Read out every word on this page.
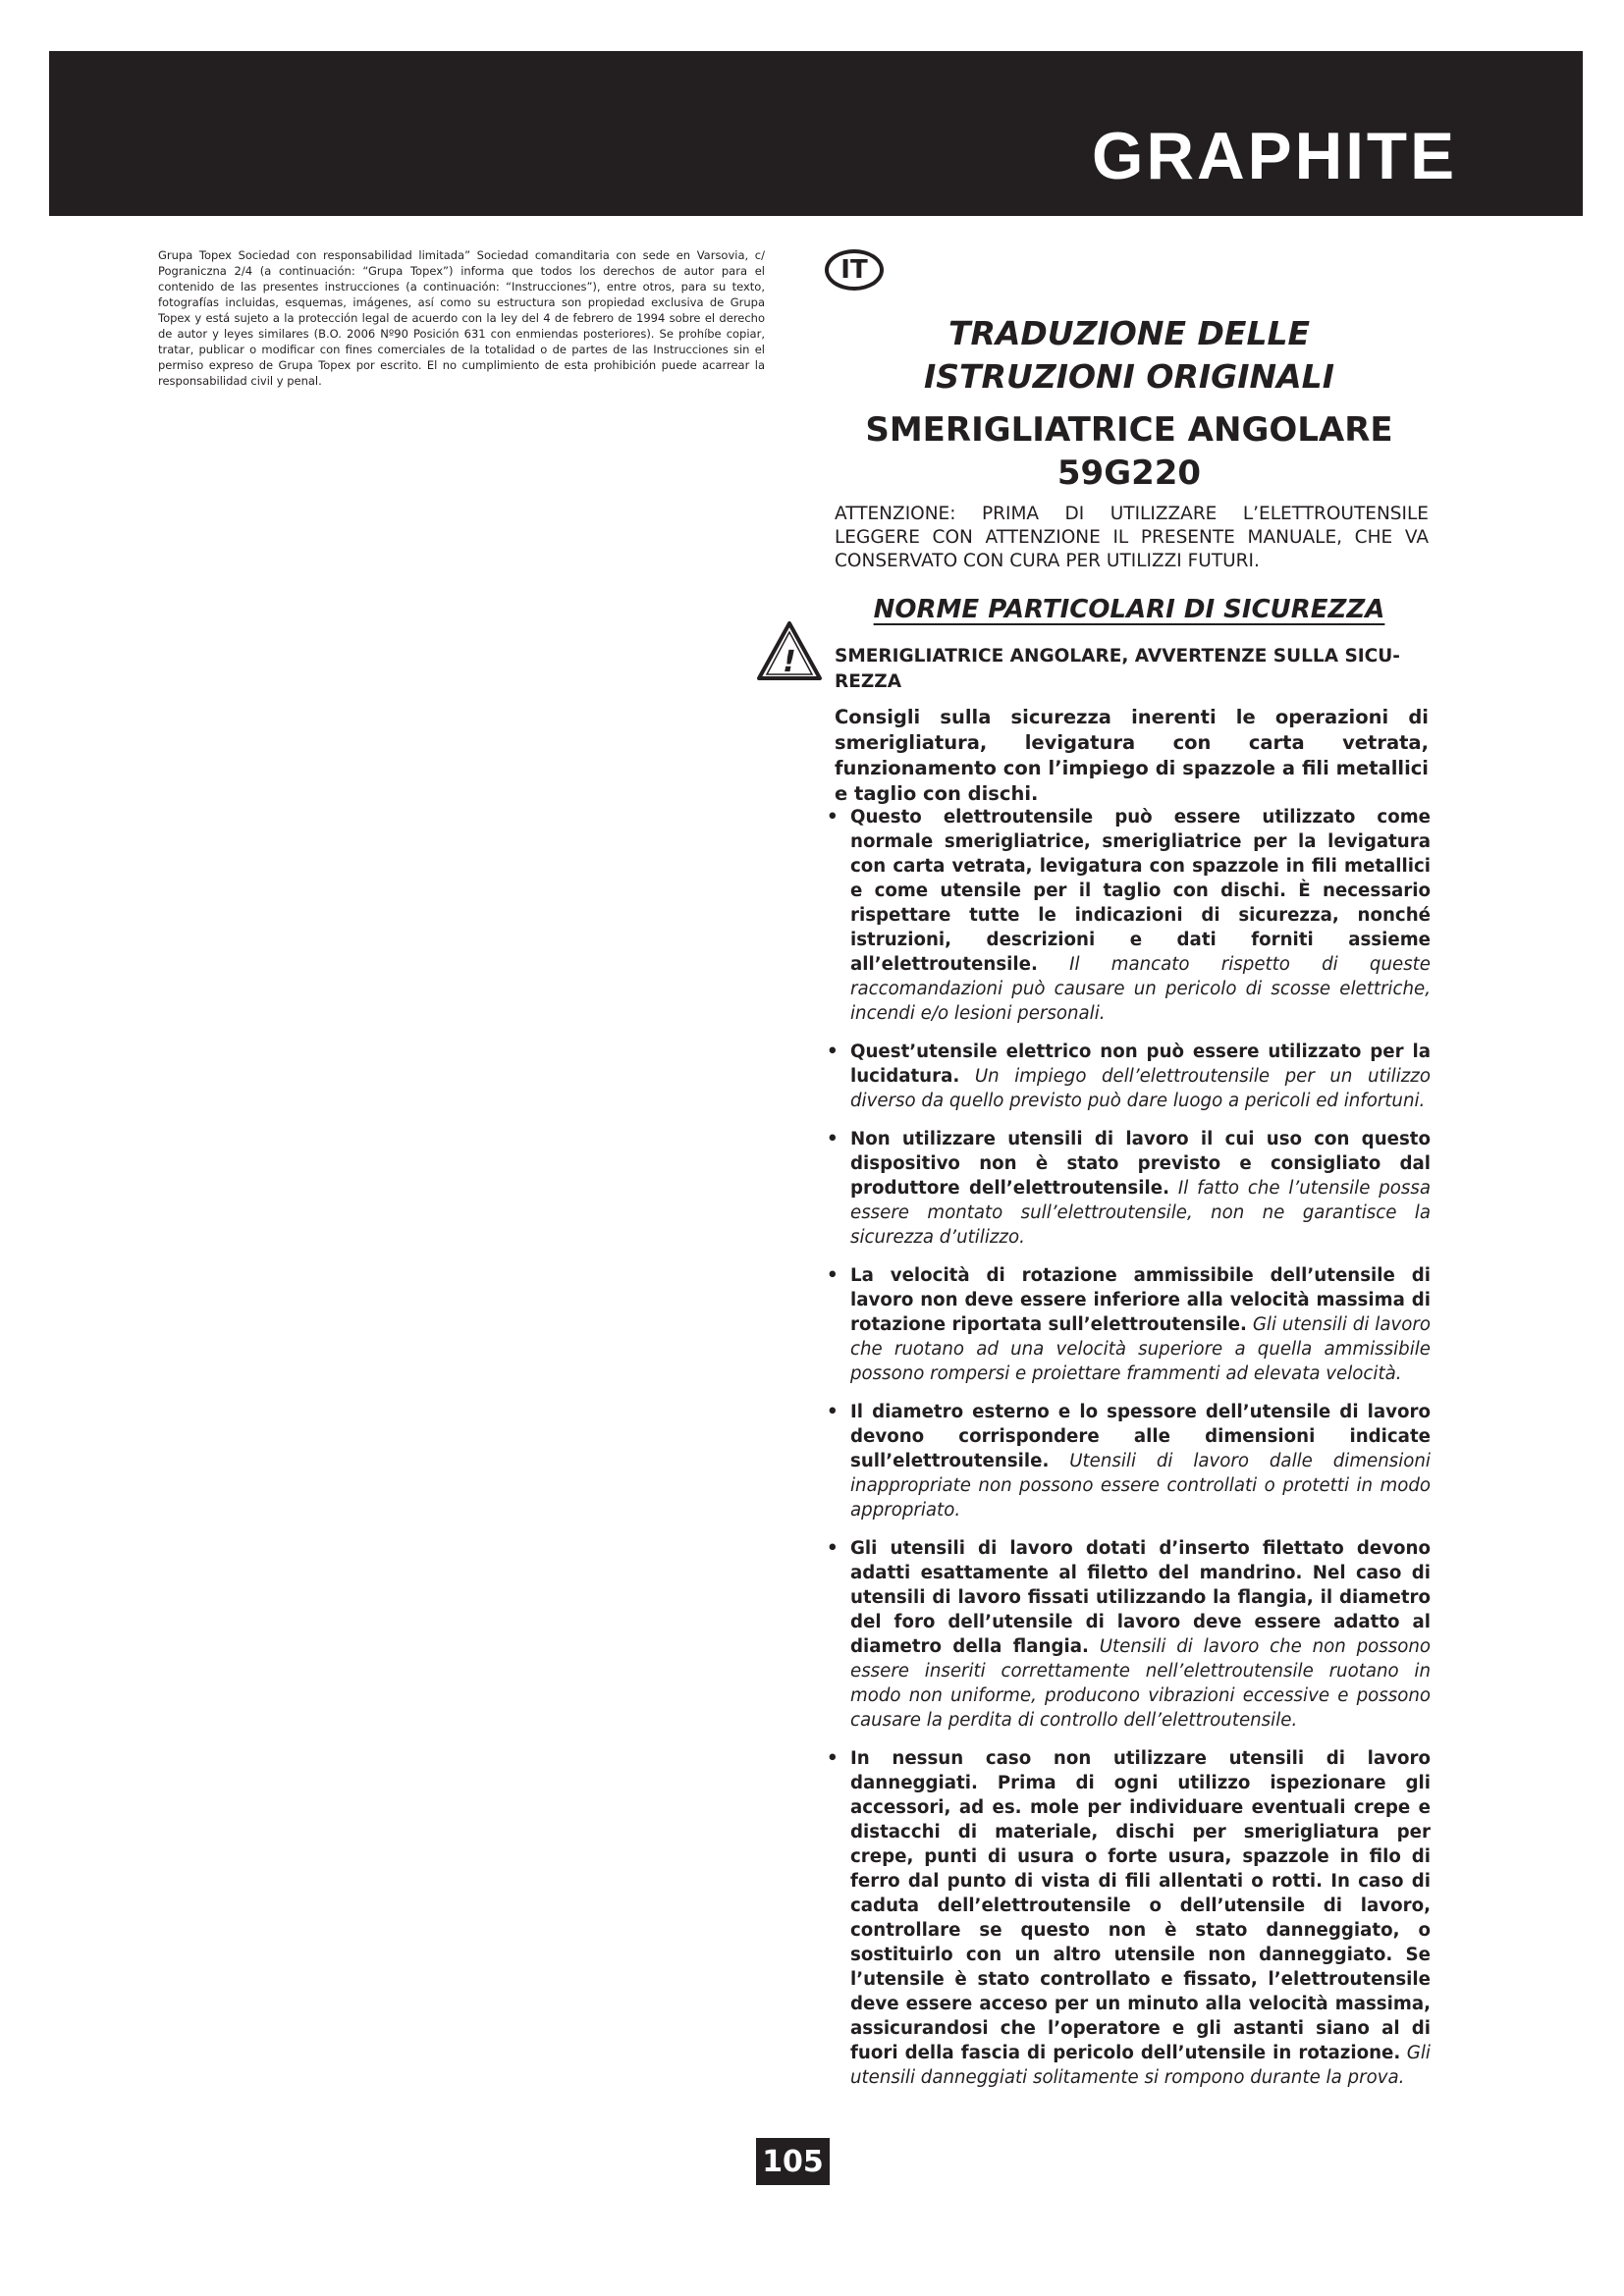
GRAPHITE
Grupa Topex Sociedad con responsabilidad limitada” Sociedad comanditaria con sede en Varsovia, c/ Pograniczna 2/4 (a continuación: “Grupa Topex”) informa que todos los derechos de autor para el contenido de las presentes instrucciones (a continuación: “Instrucciones”), entre otros, para su texto, fotografías incluidas, esquemas, imágenes, así como su estructura son propiedad exclusiva de Grupa Topex y está sujeto a la protección legal de acuerdo con la ley del 4 de febrero de 1994 sobre el derecho de autor y leyes similares (B.O. 2006 Nº90 Posición 631 con enmiendas posteriores). Se prohíbe copiar, tratar, publicar o modificar con fines comerciales de la totalidad o de partes de las Instrucciones sin el permiso expreso de Grupa Topex por escrito. El no cumplimiento de esta prohibición puede acarrear la responsabilidad civil y penal.
IT
TRADUZIONE DELLE
ISTRUZIONI ORIGINALI
SMERIGLIATRICE ANGOLARE
59G220
ATTENZIONE: PRIMA DI UTILIZZARE L’ELETTROUTENSILE LEGGERE CON ATTENZIONE IL PRESENTE MANUALE, CHE VA CONSERVATO CON CURA PER UTILIZZI FUTURI.
NORME PARTICOLARI DI SICUREZZA
! SMERIGLIATRICE ANGOLARE, AVVERTENZE SULLA SICU-REZZA
Consigli sulla sicurezza inerenti le operazioni di smerigliatura, levigatura con carta vetrata, funzionamento con l’impiego di spazzole a fili metallici e taglio con dischi.
• Questo elettroutensile può essere utilizzato come normale smerigliatrice, smerigliatrice per la levigatura con carta vetrata, levigatura con spazzole in fili metallici e come utensile per il taglio con dischi. È necessario rispettare tutte le indicazioni di sicurezza, nonché istruzioni, descrizioni e dati forniti assieme all’elettroutensile. Il mancato rispetto di queste raccomandazioni può causare un pericolo di scosse elettriche, incendi e/o lesioni personali.
• Quest’utensile elettrico non può essere utilizzato per la lucidatura. Un impiego dell’elettroutensile per un utilizzo diverso da quello previsto può dare luogo a pericoli ed infortuni.
• Non utilizzare utensili di lavoro il cui uso con questo dispositivo non è stato previsto e consigliato dal produttore dell’elettroutensile. Il fatto che l’utensile possa essere montato sull’elettroutensile, non ne garantisce la sicurezza d’utilizzo.
• La velocità di rotazione ammissibile dell’utensile di lavoro non deve essere inferiore alla velocità massima di rotazione riportata sull’elettroutensile. Gli utensili di lavoro che ruotano ad una velocità superiore a quella ammissibile possono rompersi e proiettare frammenti ad elevata velocità.
• Il diametro esterno e lo spessore dell’utensile di lavoro devono corrispondere alle dimensioni indicate sull’elettroutensile. Utensili di lavoro dalle dimensioni inappropriate non possono essere controllati o protetti in modo appropriato.
• Gli utensili di lavoro dotati d’inserto filettato devono adatti esattamente al filetto del mandrino. Nel caso di utensili di lavoro fissati utilizzando la flangia, il diametro del foro dell’utensile di lavoro deve essere adatto al diametro della flangia. Utensili di lavoro che non possono essere inseriti correttamente nell’elettroutensile ruotano in modo non uniforme, producono vibrazioni eccessive e possono causare la perdita di controllo dell’elettroutensile.
• In nessun caso non utilizzare utensili di lavoro danneggiati. Prima di ogni utilizzo ispezionare gli accessori, ad es. mole per individuare eventuali crepe e distacchi di materiale, dischi per smerigliatura per crepe, punti di usura o forte usura, spazzole in filo di ferro dal punto di vista di fili allentati o rotti. In caso di caduta dell’elettroutensile o dell’utensile di lavoro, controllare se questo non è stato danneggiato, o sostituirlo con un altro utensile non danneggiato. Se l’utensile è stato controllato e fissato, l’elettroutensile deve essere acceso per un minuto alla velocità massima, assicurandosi che l’operatore e gli astanti siano al di fuori della fascia di pericolo dell’utensile in rotazione. Gli utensili danneggiati solitamente si rompono durante la prova.
105
